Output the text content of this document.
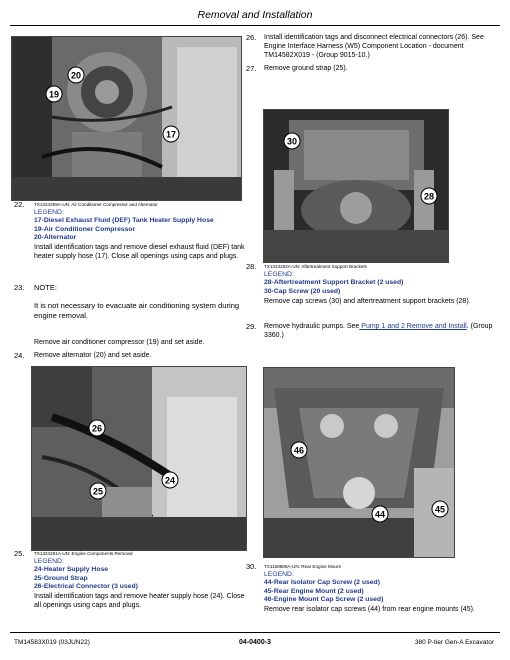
Removal and Installation
20
19
17
22. TX1324269A-UN: Air Conditioner Compressor and Alternator
LEGEND:
17-Diesel Exhaust Fluid (DEF) Tank Heater Supply Hose
19-Air Conditioner Compressor
20-Alternator
Install identification tags and remove diesel exhaust fluid (DEF) tank heater supply hose (17). Close all openings using caps and plugs.
23. NOTE:
It is not necessary to evacuate air conditioning system during engine removal.
Remove air conditioner compressor (19) and set aside.
24. Remove alternator (20) and set aside.
26
24
25
25. TX1324281A-UN: Engine Components Removal
LEGEND:
24-Heater Supply Hose
25-Ground Strap
26-Electrical Connector (3 used)
Install identification tags and remove heater supply hose (24). Close all openings using caps and plugs.
26. Install identification tags and disconnect electrical connectors (26). See Engine Interface Harness (W5) Component Location - document TM14582X019 - (Group 9015-10.)
27. Remove ground strap (25).
30
28
28. TX1324282A-UN: Aftertreatment Support Brackets
LEGEND:
28-Aftertreatment Support Bracket (2 used)
30-Cap Screw (20 used)
Remove cap screws (30) and aftertreatment support brackets (28).
29. Remove hydraulic pumps. See Pump 1 and 2 Remove and Install. (Group 3360.)
46
44	45
30. TX1168886A-UN: Rear Engine Mount
LEGEND:
44-Rear Isolator Cap Screw (2 used)
45-Rear Engine Mount (2 used)
46-Engine Mount Cap Screw (2 used)
Remove rear isolator cap screws (44) from rear engine mounts (45).
TM14583X019 (03JUN22)	04-0400-3	380 P-tier Gen-A Excavator
